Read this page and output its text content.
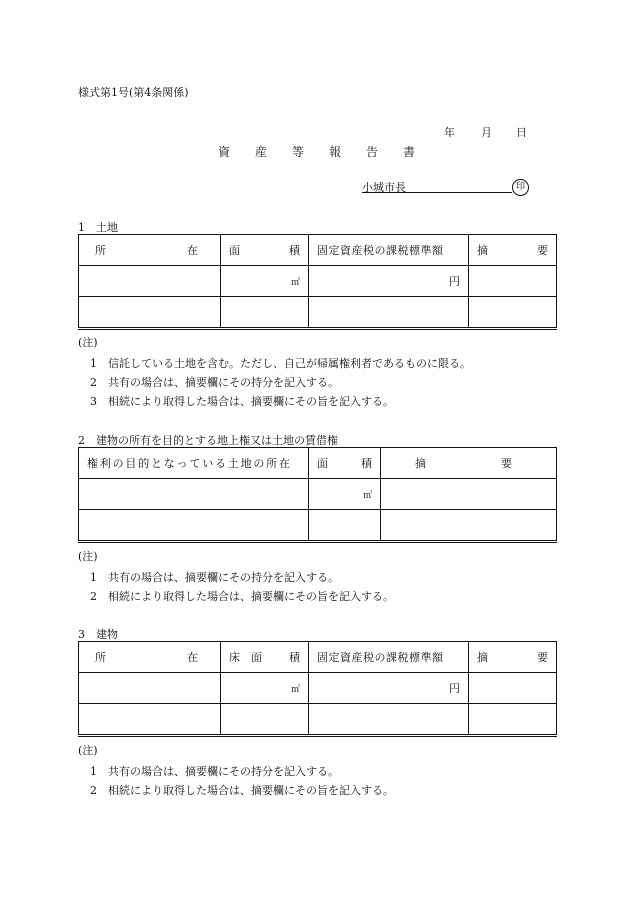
様式第1号(第4条関係)
年 月 日
資 産 等 報 告 書
小城市長	印
1　土地
所 在	面 積	固定資産税の課税標準額	摘 要

	㎡	円	

(注)
1 信託している土地を含む。ただし、自己が帰属権利者であるものに限る。
2 共有の場合は、摘要欄にその持分を記入する。
3 相続により取得した場合は、摘要欄にその旨を記入する。
2　建物の所有を目的とする地上権又は土地の賃借権
権利の目的となっている土地の所在	面 積	摘 要

	㎡	

(注)
1 共有の場合は、摘要欄にその持分を記入する。
2 相続により取得した場合は、摘要欄にその旨を記入する。
3　建物
所 在	床　面 積	固定資産税の課税標準額	摘 要

	㎡	円	

(注)
1 共有の場合は、摘要欄にその持分を記入する。
2 相続により取得した場合は、摘要欄にその旨を記入する。
